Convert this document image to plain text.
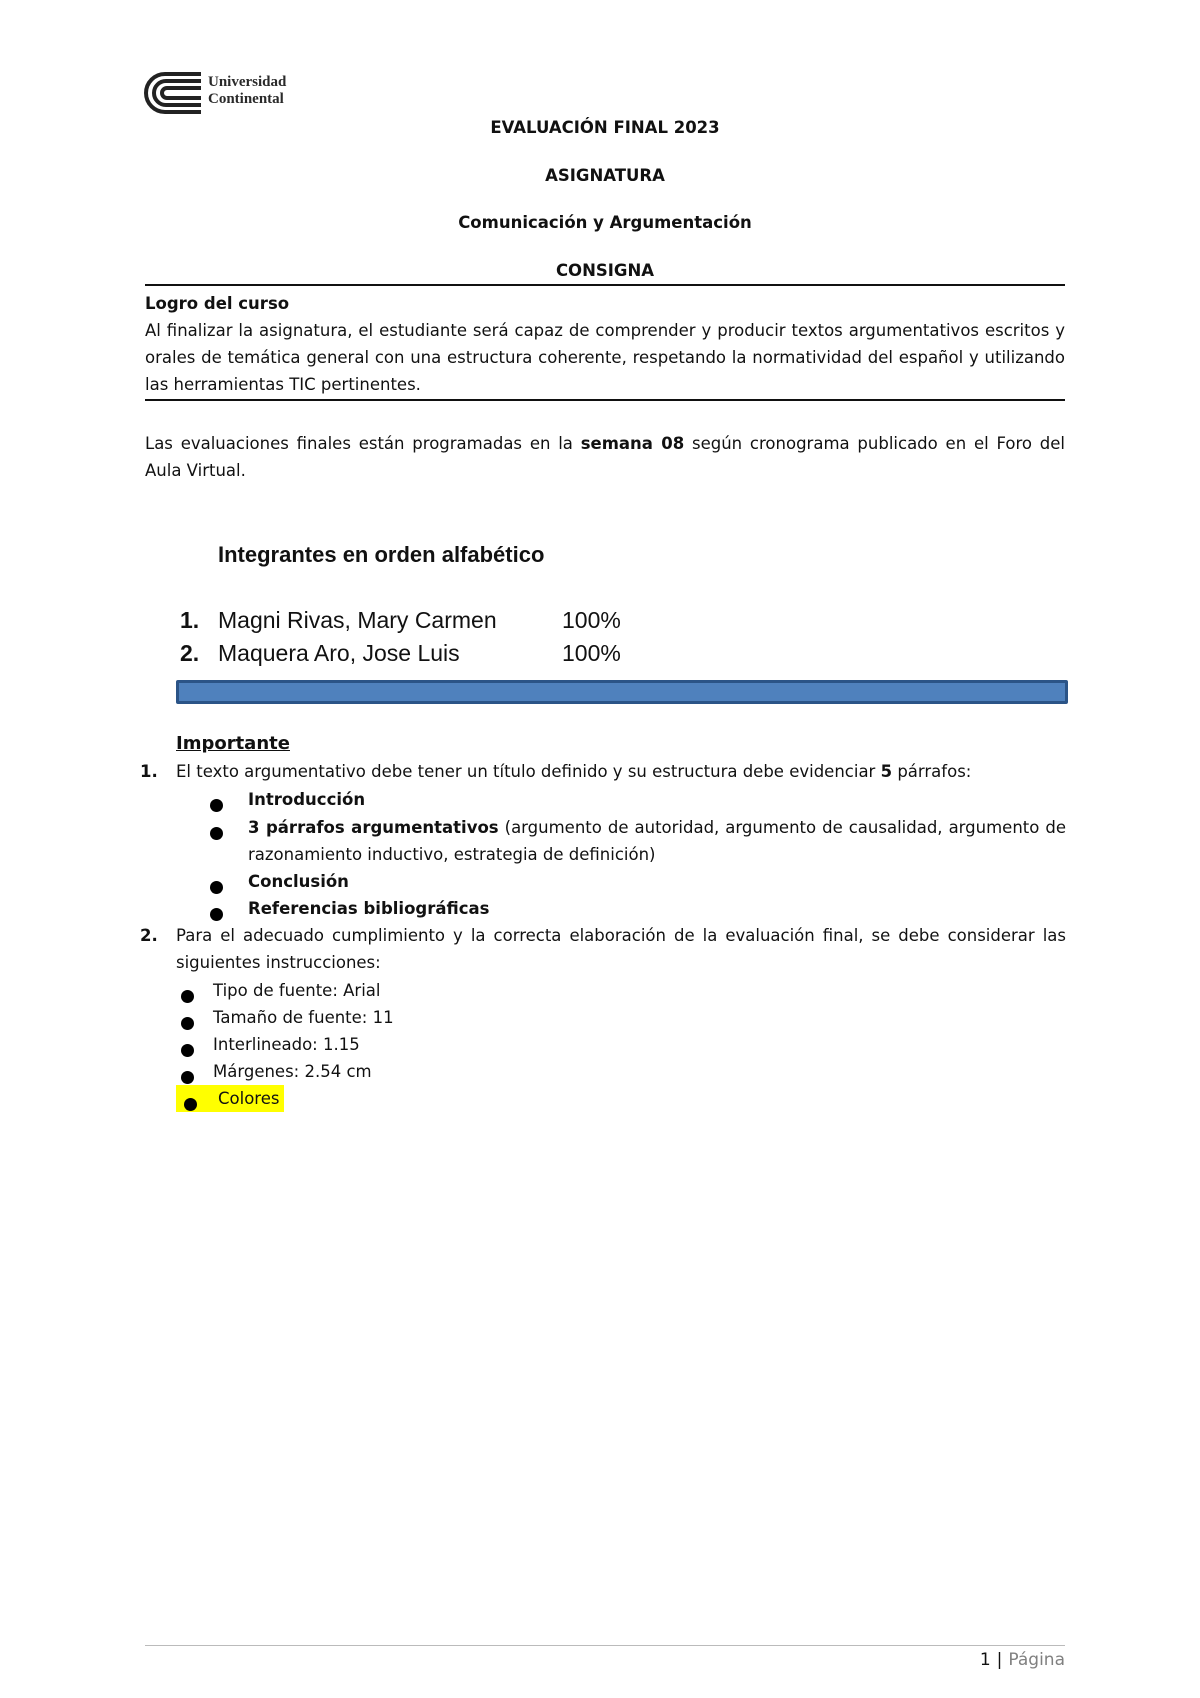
Universidad
Continental
EVALUACIÓN FINAL 2023
ASIGNATURA
Comunicación y Argumentación
CONSIGNA

Logro del curso

Al finalizar la asignatura, el estudiante será capaz de comprender y producir textos argumentativos escritos y orales de temática general con una estructura coherente, respetando la normatividad del español y utilizando las herramientas TIC pertinentes.

Las evaluaciones finales están programadas en la semana 08 según cronograma publicado en el Foro del Aula Virtual.

Integrantes en orden alfabético
1. Magni Rivas, Mary Carmen	100%
2. Maquera Aro, Jose Luis	100%
Importante
1. El texto argumentativo debe tener un título definido y su estructura debe evidenciar 5 párrafos:
Introducción
3 párrafos argumentativos (argumento de autoridad, argumento de causalidad, argumento de razonamiento inductivo, estrategia de definición)
Conclusión
Referencias bibliográficas
2. Para el adecuado cumplimiento y la correcta elaboración de la evaluación final, se debe considerar las siguientes instrucciones:
Tipo de fuente: Arial
Tamaño de fuente: 11
Interlineado: 1.15
Márgenes: 2.54 cm
Colores
1 | Página
